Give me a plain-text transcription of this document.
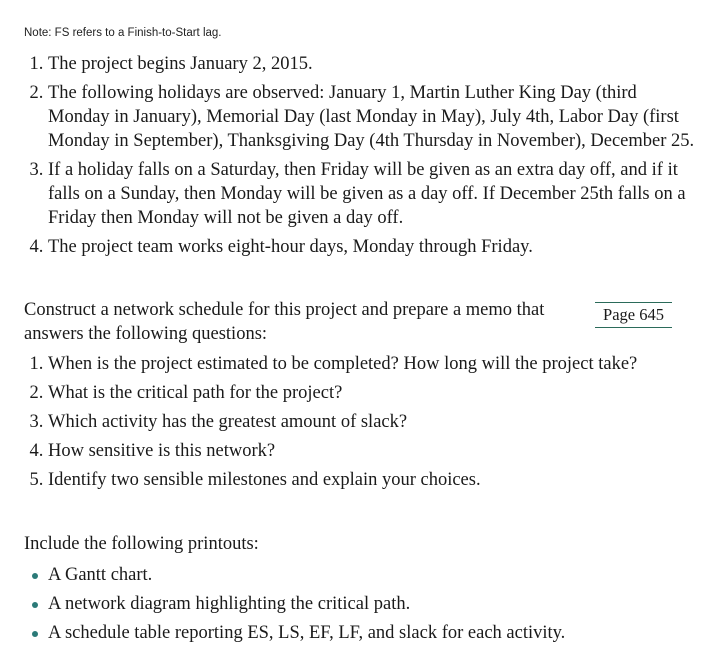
Note: FS refers to a Finish-to-Start lag.

1. The project begins January 2, 2015.
2. The following holidays are observed: January 1, Martin Luther King Day (third Monday in January), Memorial Day (last Monday in May), July 4th, Labor Day (first Monday in September), Thanksgiving Day (4th Thursday in November), December 25.
3. If a holiday falls on a Saturday, then Friday will be given as an extra day off, and if it falls on a Sunday, then Monday will be given as a day off. If December 25th falls on a Friday then Monday will not be given a day off.
4. The project team works eight-hour days, Monday through Friday.

Construct a network schedule for this project and prepare a memo that answers the following questions:

Page 645
1. When is the project estimated to be completed? How long will the project take?
2. What is the critical path for the project?
3. Which activity has the greatest amount of slack?
4. How sensitive is this network?
5. Identify two sensible milestones and explain your choices.

Include the following printouts:

A Gantt chart.
A network diagram highlighting the critical path.
A schedule table reporting ES, LS, EF, LF, and slack for each activity.
